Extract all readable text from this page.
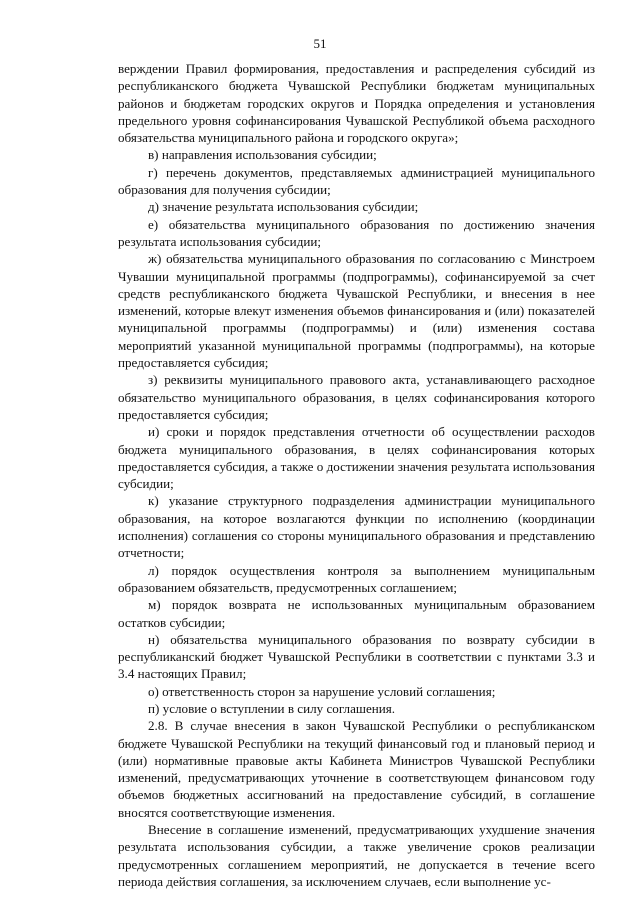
51

верждении Правил формирования, предоставления и распределения субсидий из республиканского бюджета Чувашской Республики бюджетам муниципальных районов и бюджетам городских округов и Порядка определения и установления предельного уровня софинансирования Чувашской Республикой объема расходного обязательства муниципального района и городского округа»;

в) направления использования субсидии;

г) перечень документов, представляемых администрацией муниципального образования для получения субсидии;

д) значение результата использования субсидии;

е) обязательства муниципального образования по достижению значения результата использования субсидии;

ж) обязательства муниципального образования по согласованию с Минстроем Чувашии муниципальной программы (подпрограммы), софинансируемой за счет средств республиканского бюджета Чувашской Республики, и внесения в нее изменений, которые влекут изменения объемов финансирования и (или) показателей муниципальной программы (подпрограммы) и (или) изменения состава мероприятий указанной муниципальной программы (подпрограммы), на которые предоставляется субсидия;

з) реквизиты муниципального правового акта, устанавливающего расходное обязательство муниципального образования, в целях софинансирования которого предоставляется субсидия;

и) сроки и порядок представления отчетности об осуществлении расходов бюджета муниципального образования, в целях софинансирования которых предоставляется субсидия, а также о достижении значения результата использования субсидии;

к) указание структурного подразделения администрации муниципального образования, на которое возлагаются функции по исполнению (координации исполнения) соглашения со стороны муниципального образования и представлению отчетности;

л) порядок осуществления контроля за выполнением муниципальным образованием обязательств, предусмотренных соглашением;

м) порядок возврата не использованных муниципальным образованием остатков субсидии;

н) обязательства муниципального образования по возврату субсидии в республиканский бюджет Чувашской Республики в соответствии с пунктами 3.3 и 3.4 настоящих Правил;

о) ответственность сторон за нарушение условий соглашения;

п) условие о вступлении в силу соглашения.

2.8. В случае внесения в закон Чувашской Республики о республиканском бюджете Чувашской Республики на текущий финансовый год и плановый период и (или) нормативные правовые акты Кабинета Министров Чувашской Республики изменений, предусматривающих уточнение в соответствующем финансовом году объемов бюджетных ассигнований на предоставление субсидий, в соглашение вносятся соответствующие изменения.

Внесение в соглашение изменений, предусматривающих ухудшение значения результата использования субсидии, а также увеличение сроков реализации предусмотренных соглашением мероприятий, не допускается в течение всего периода действия соглашения, за исключением случаев, если выполнение ус-
